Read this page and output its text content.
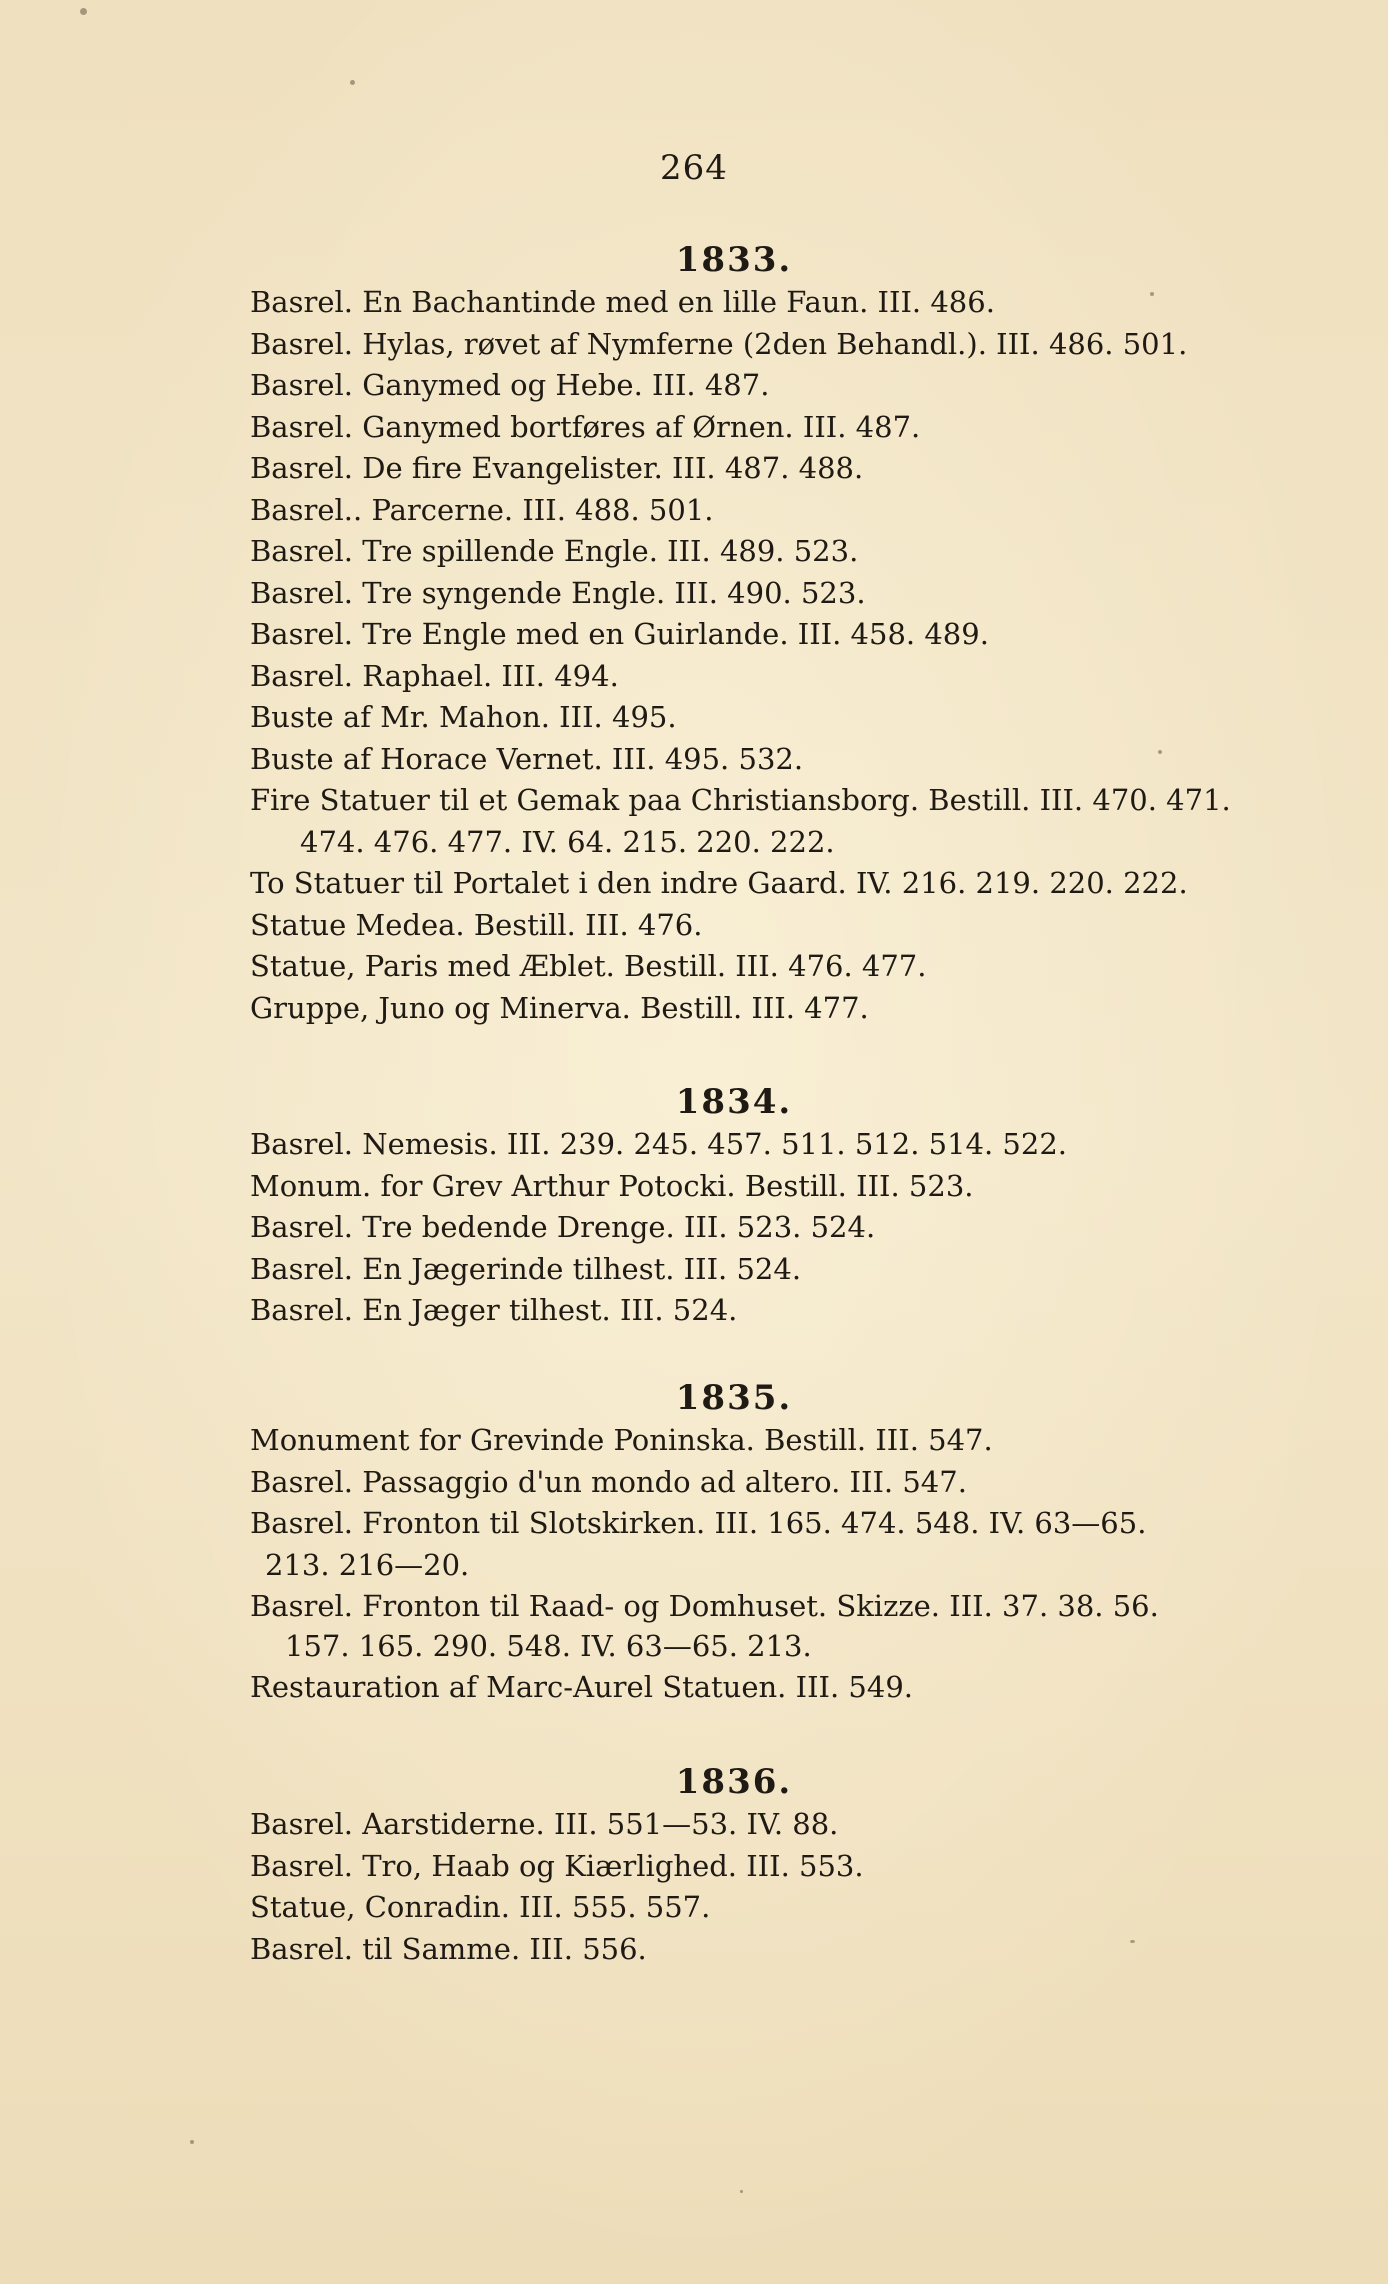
264
1833.
Basrel. En Bachantinde med en lille Faun. III. 486.
Basrel. Hylas, røvet af Nymferne (2den Behandl.). III. 486. 501.
Basrel. Ganymed og Hebe. III. 487.
Basrel. Ganymed bortføres af Ørnen. III. 487.
Basrel. De fire Evangelister. III. 487. 488.
Basrel.. Parcerne. III. 488. 501.
Basrel. Tre spillende Engle. III. 489. 523.
Basrel. Tre syngende Engle. III. 490. 523.
Basrel. Tre Engle med en Guirlande. III. 458. 489.
Basrel. Raphael. III. 494.
Buste af Mr. Mahon. III. 495.
Buste af Horace Vernet. III. 495. 532.
Fire Statuer til et Gemak paa Christiansborg. Bestill. III. 470. 471.
474. 476. 477. IV. 64. 215. 220. 222.
To Statuer til Portalet i den indre Gaard. IV. 216. 219. 220. 222.
Statue Medea. Bestill. III. 476.
Statue, Paris med Æblet. Bestill. III. 476. 477.
Gruppe, Juno og Minerva. Bestill. III. 477.
1834.
Basrel. Nemesis. III. 239. 245. 457. 511. 512. 514. 522.
Monum. for Grev Arthur Potocki. Bestill. III. 523.
Basrel. Tre bedende Drenge. III. 523. 524.
Basrel. En Jægerinde tilhest. III. 524.
Basrel. En Jæger tilhest. III. 524.
1835.
Monument for Grevinde Poninska. Bestill. III. 547.
Basrel. Passaggio d'un mondo ad altero. III. 547.
Basrel. Fronton til Slotskirken. III. 165. 474. 548. IV. 63—65.
213. 216—20.
Basrel. Fronton til Raad- og Domhuset. Skizze. III. 37. 38. 56.
157. 165. 290. 548. IV. 63—65. 213.
Restauration af Marc-Aurel Statuen. III. 549.
1836.
Basrel. Aarstiderne. III. 551—53. IV. 88.
Basrel. Tro, Haab og Kiærlighed. III. 553.
Statue, Conradin. III. 555. 557.
Basrel. til Samme. III. 556.
